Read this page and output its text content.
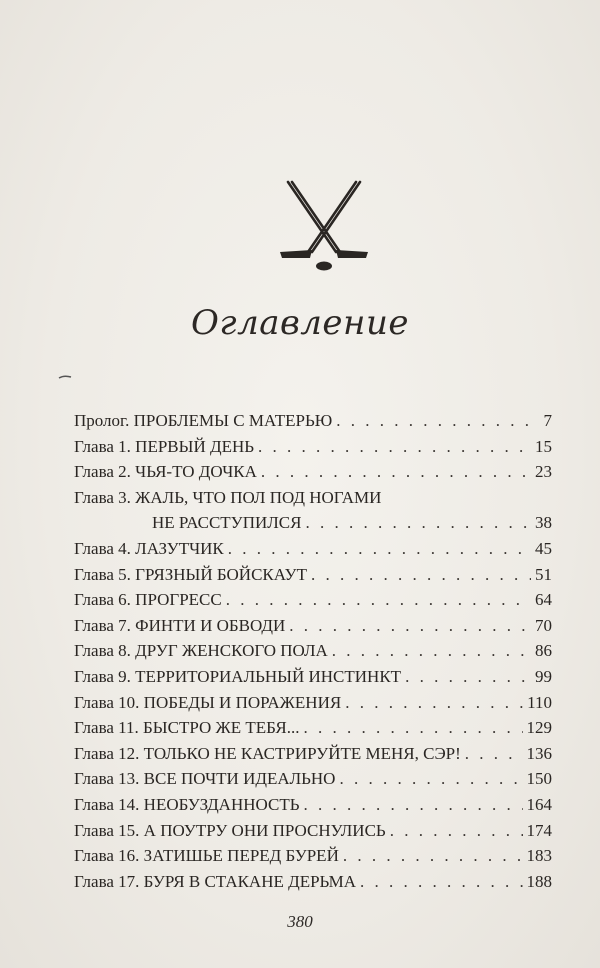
Оглавление
Пролог. ПРОБЛЕМЫ С МАТЕРЬЮ . . .	7
Глава 1. ПЕРВЫЙ ДЕНЬ . . .	15
Глава 2. ЧЬЯ-ТО ДОЧКА . . .	23
Глава 3. ЖАЛЬ, ЧТО ПОЛ ПОД НОГАМИ
НЕ РАССТУПИЛСЯ . . .	38
Глава 4. ЛАЗУТЧИК . . .	45
Глава 5. ГРЯЗНЫЙ БОЙСКАУТ . . .	51
Глава 6. ПРОГРЕСС . . .	64
Глава 7. ФИНТИ И ОБВОДИ . . .	70
Глава 8. ДРУГ ЖЕНСКОГО ПОЛА . . .	86
Глава 9. ТЕРРИТОРИАЛЬНЫЙ ИНСТИНКТ . . .	99
Глава 10. ПОБЕДЫ И ПОРАЖЕНИЯ . . .	110
Глава 11. БЫСТРО ЖЕ ТЕБЯ... . . .	129
Глава 12. ТОЛЬКО НЕ КАСТРИРУЙТЕ МЕНЯ, СЭР! . . .	136
Глава 13. ВСЕ ПОЧТИ ИДЕАЛЬНО . . .	150
Глава 14. НЕОБУЗДАННОСТЬ . . .	164
Глава 15. А ПОУТРУ ОНИ ПРОСНУЛИСЬ . . .	174
Глава 16. ЗАТИШЬЕ ПЕРЕД БУРЕЙ . . .	183
Глава 17. БУРЯ В СТАКАНЕ ДЕРЬМА . . .	188
380
